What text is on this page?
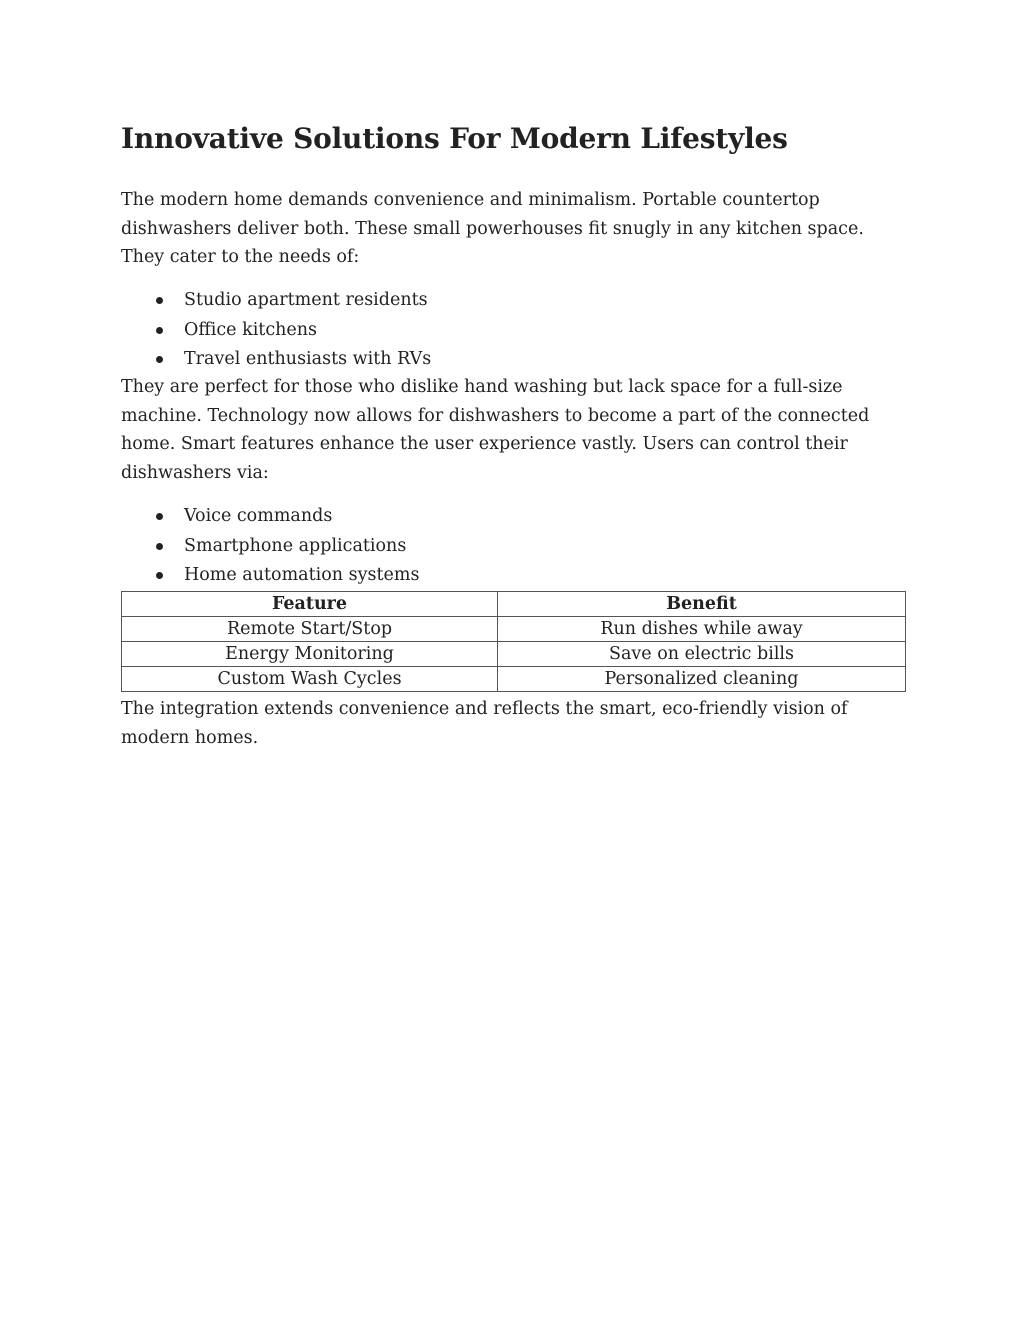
Innovative Solutions For Modern Lifestyles

The modern home demands convenience and minimalism. Portable countertop
dishwashers deliver both. These small powerhouses fit snugly in any kitchen space.
They cater to the needs of:

Studio apartment residents
Office kitchens
Travel enthusiasts with RVs

They are perfect for those who dislike hand washing but lack space for a full-size
machine. Technology now allows for dishwashers to become a part of the connected
home. Smart features enhance the user experience vastly. Users can control their
dishwashers via:

Voice commands
Smartphone applications
Home automation systems
Feature	Benefit
Remote Start/Stop	Run dishes while away
Energy Monitoring	Save on electric bills
Custom Wash Cycles	Personalized cleaning

The integration extends convenience and reflects the smart, eco-friendly vision of
modern homes.
